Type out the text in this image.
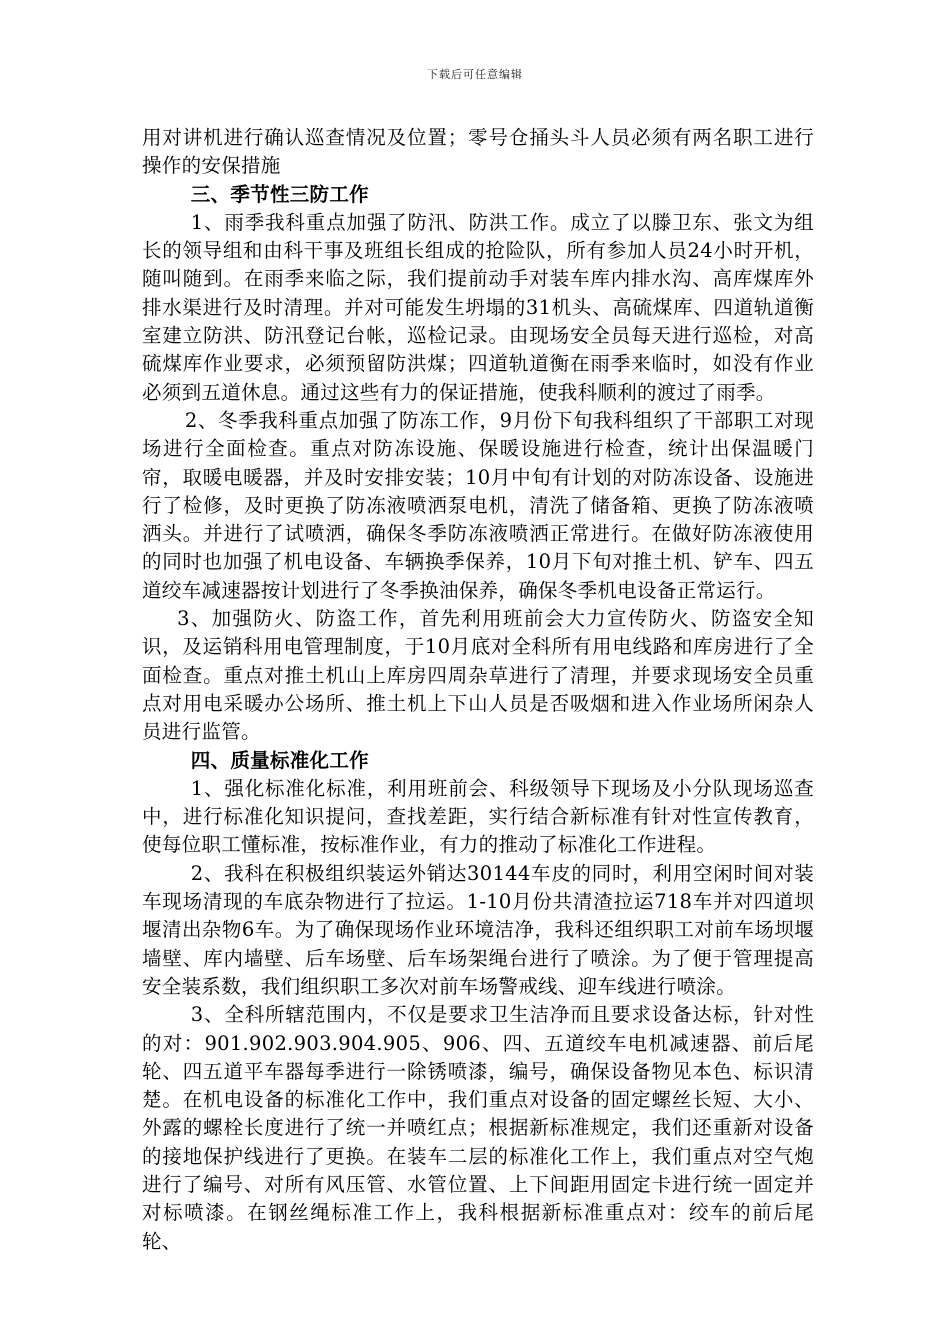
下载后可任意编辑

用对讲机进行确认巡查情况及位置；零号仓捅头斗人员必须有两名职工进行操作的安保措施

三、季节性三防工作

1、雨季我科重点加强了防汛、防洪工作。成立了以滕卫东、张文为组长的领导组和由科干事及班组长组成的抢险队，所有参加人员24小时开机，随叫随到。在雨季来临之际，我们提前动手对装车库内排水沟、高库煤库外排水渠进行及时清理。并对可能发生坍塌的31机头、高硫煤库、四道轨道衡室建立防洪、防汛登记台帐，巡检记录。由现场安全员每天进行巡检，对高硫煤库作业要求，必须预留防洪煤；四道轨道衡在雨季来临时，如没有作业必须到五道休息。通过这些有力的保证措施，使我科顺利的渡过了雨季。

2、冬季我科重点加强了防冻工作，9月份下旬我科组织了干部职工对现场进行全面检查。重点对防冻设施、保暖设施进行检查，统计出保温暖门帘，取暖电暖器，并及时安排安装；10月中旬有计划的对防冻设备、设施进行了检修，及时更换了防冻液喷洒泵电机，清洗了储备箱、更换了防冻液喷洒头。并进行了试喷洒，确保冬季防冻液喷洒正常进行。在做好防冻液使用的同时也加强了机电设备、车辆换季保养，10月下旬对推土机、铲车、四五道绞车减速器按计划进行了冬季换油保养，确保冬季机电设备正常运行。

3、加强防火、防盗工作，首先利用班前会大力宣传防火、防盗安全知识，及运销科用电管理制度，于10月底对全科所有用电线路和库房进行了全面检查。重点对推土机山上库房四周杂草进行了清理，并要求现场安全员重点对用电采暖办公场所、推土机上下山人员是否吸烟和进入作业场所闲杂人员进行监管。

四、质量标准化工作

1、强化标准化标准，利用班前会、科级领导下现场及小分队现场巡查中，进行标准化知识提问，查找差距，实行结合新标准有针对性宣传教育，使每位职工懂标准，按标准作业，有力的推动了标准化工作进程。

2、我科在积极组织装运外销达30144车皮的同时，利用空闲时间对装车现场清现的车底杂物进行了拉运。1-10月份共清渣拉运718车并对四道坝堰清出杂物6车。为了确保现场作业环境洁净，我科还组织职工对前车场坝堰墙壁、库内墙壁、后车场壁、后车场架绳台进行了喷涂。为了便于管理提高安全装系数，我们组织职工多次对前车场警戒线、迎车线进行喷涂。

3、全科所辖范围内，不仅是要求卫生洁净而且要求设备达标，针对性的对：901.902.903.904.905、906、四、五道绞车电机减速器、前后尾轮、四五道平车器每季进行一除锈喷漆，编号，确保设备物见本色、标识清楚。在机电设备的标准化工作中，我们重点对设备的固定螺丝长短、大小、外露的螺栓长度进行了统一并喷红点；根据新标准规定，我们还重新对设备的接地保护线进行了更换。在装车二层的标准化工作上，我们重点对空气炮进行了编号、对所有风压管、水管位置、上下间距用固定卡进行统一固定并对标喷漆。在钢丝绳标准工作上，我科根据新标准重点对：绞车的前后尾轮、
